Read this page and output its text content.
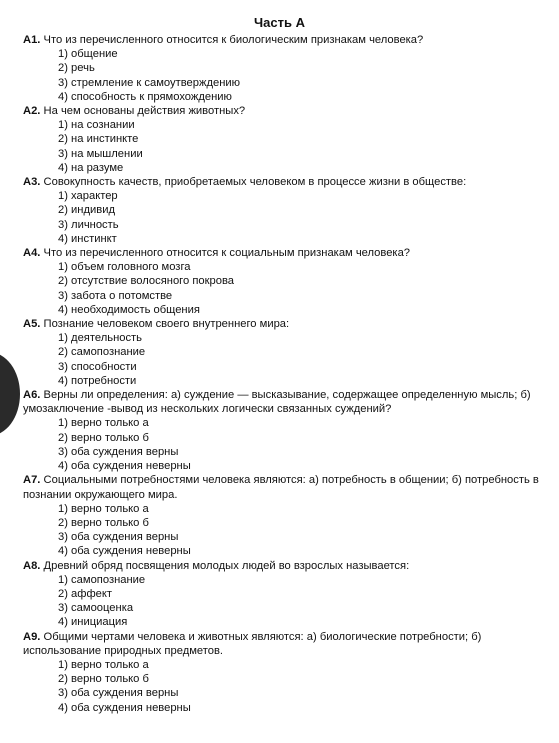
Часть А

А1. Что из перечисленного относится к биологическим признакам человека?

1) общение
2) речь
3) стремление к самоутверждению
4) способность к прямохождению

А2. На чем основаны действия животных?

1) на сознании
2) на инстинкте
3) на мышлении
4) на разуме

А3. Совокупность качеств, приобретаемых человеком в процессе жизни в обществе:

1) характер
2) индивид
3) личность
4) инстинкт

А4. Что из перечисленного относится к социальным признакам человека?

1) объем головного мозга
2) отсутствие волосяного покрова
3) забота о потомстве
4) необходимость общения

А5. Познание человеком своего внутреннего мира:

1) деятельность
2) самопознание
3) способности
4) потребности

А6. Верны ли определения: а) суждение — высказывание, содержащее определенную мысль; б) умозаключение -вывод из нескольких логически связанных суждений?

1) верно только а
2) верно только б
3) оба суждения верны
4) оба суждения неверны

А7. Социальными потребностями человека являются: а) потребность в общении; б) потребность в познании окружающего мира.

1) верно только а
2) верно только б
3) оба суждения верны
4) оба суждения неверны

А8. Древний обряд посвящения молодых людей во взрослых называется:

1) самопознание
2) аффект
3) самооценка
4) инициация

А9. Общими чертами человека и животных являются: а) биологические потребности; б) использование природных предметов.

1) верно только а
2) верно только б
3) оба суждения верны
4) оба суждения неверны
